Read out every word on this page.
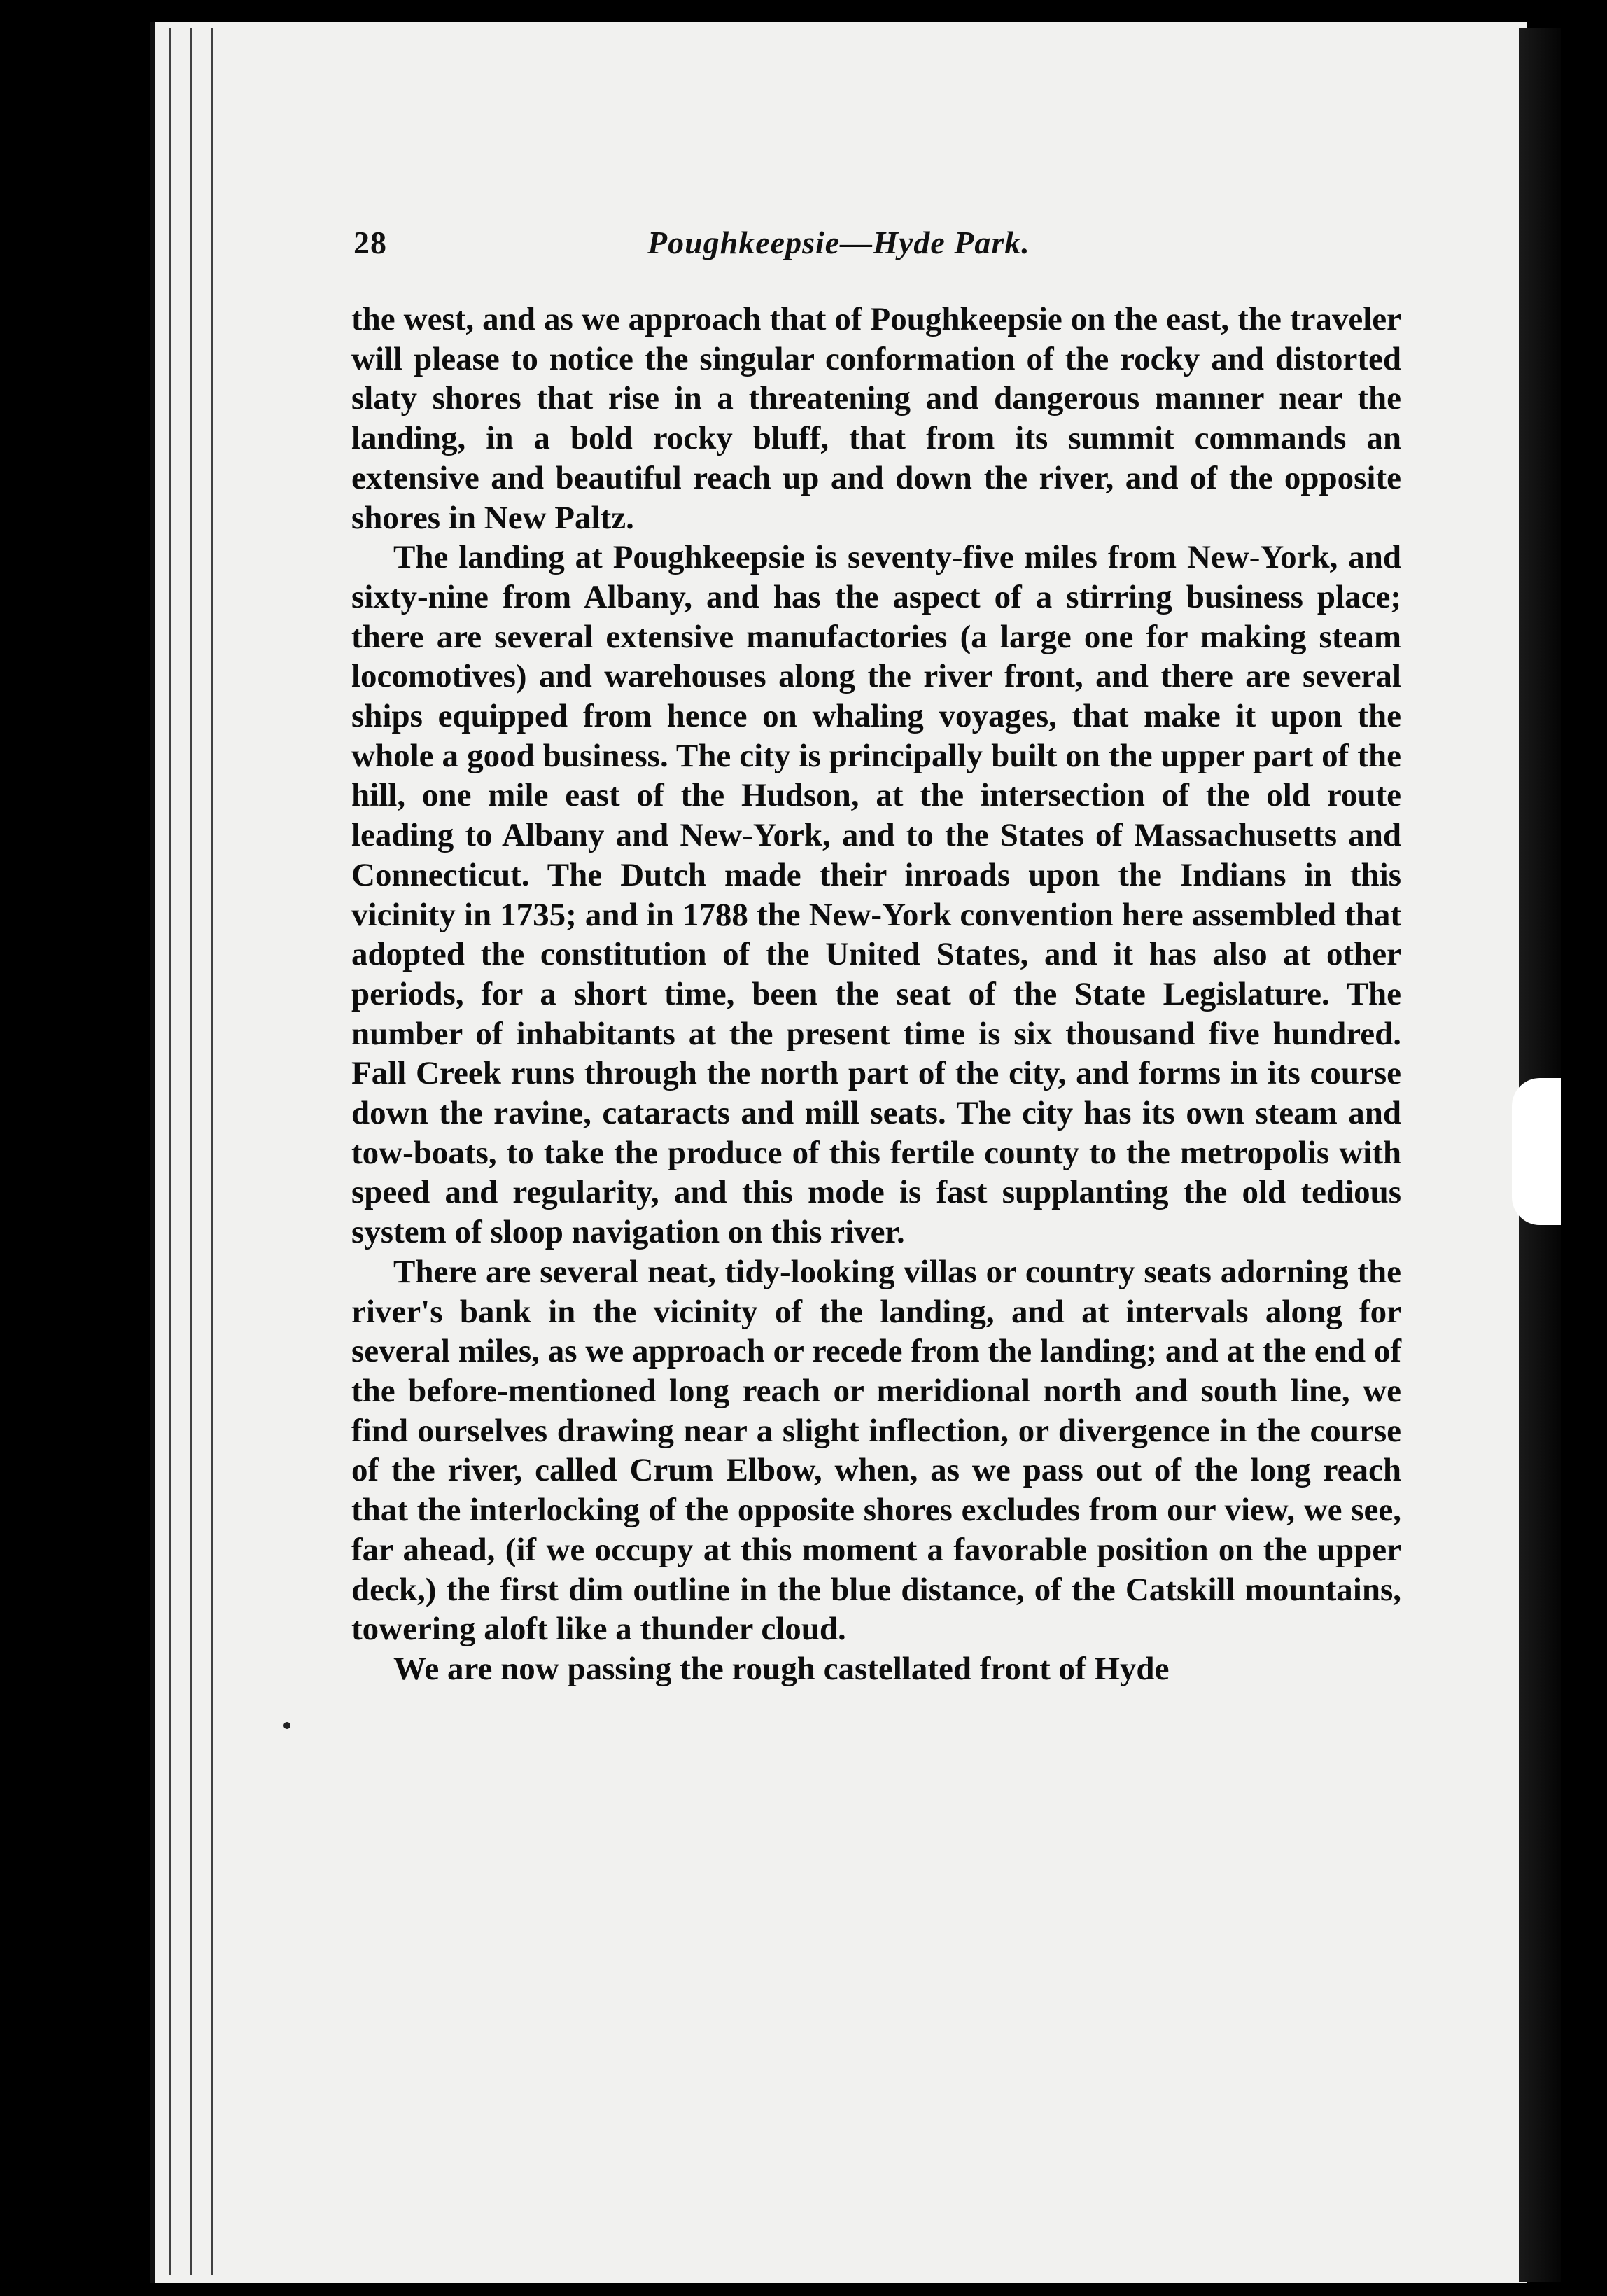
28	Poughkeepsie—Hyde Park.

the west, and as we approach that of Poughkeepsie on the east, the traveler will please to notice the singular conformation of the rocky and distorted slaty shores that rise in a threatening and dangerous manner near the landing, in a bold rocky bluff, that from its summit commands an extensive and beautiful reach up and down the river, and of the opposite shores in New Paltz.

The landing at Poughkeepsie is seventy-five miles from New-York, and sixty-nine from Albany, and has the aspect of a stirring business place; there are several extensive manufactories (a large one for making steam locomotives) and warehouses along the river front, and there are several ships equipped from hence on whaling voyages, that make it upon the whole a good business. The city is principally built on the upper part of the hill, one mile east of the Hudson, at the intersection of the old route leading to Albany and New-York, and to the States of Massachusetts and Connecticut. The Dutch made their inroads upon the Indians in this vicinity in 1735; and in 1788 the New-York convention here assembled that adopted the constitution of the United States, and it has also at other periods, for a short time, been the seat of the State Legislature. The number of inhabitants at the present time is six thousand five hundred. Fall Creek runs through the north part of the city, and forms in its course down the ravine, cataracts and mill seats. The city has its own steam and tow-boats, to take the produce of this fertile county to the metropolis with speed and regularity, and this mode is fast supplanting the old tedious system of sloop navigation on this river.

There are several neat, tidy-looking villas or country seats adorning the river's bank in the vicinity of the landing, and at intervals along for several miles, as we approach or recede from the landing; and at the end of the before-mentioned long reach or meridional north and south line, we find ourselves drawing near a slight inflection, or divergence in the course of the river, called Crum Elbow, when, as we pass out of the long reach that the interlocking of the opposite shores excludes from our view, we see, far ahead, (if we occupy at this moment a favorable position on the upper deck,) the first dim outline in the blue distance, of the Catskill mountains, towering aloft like a thunder cloud.

We are now passing the rough castellated front of Hyde
